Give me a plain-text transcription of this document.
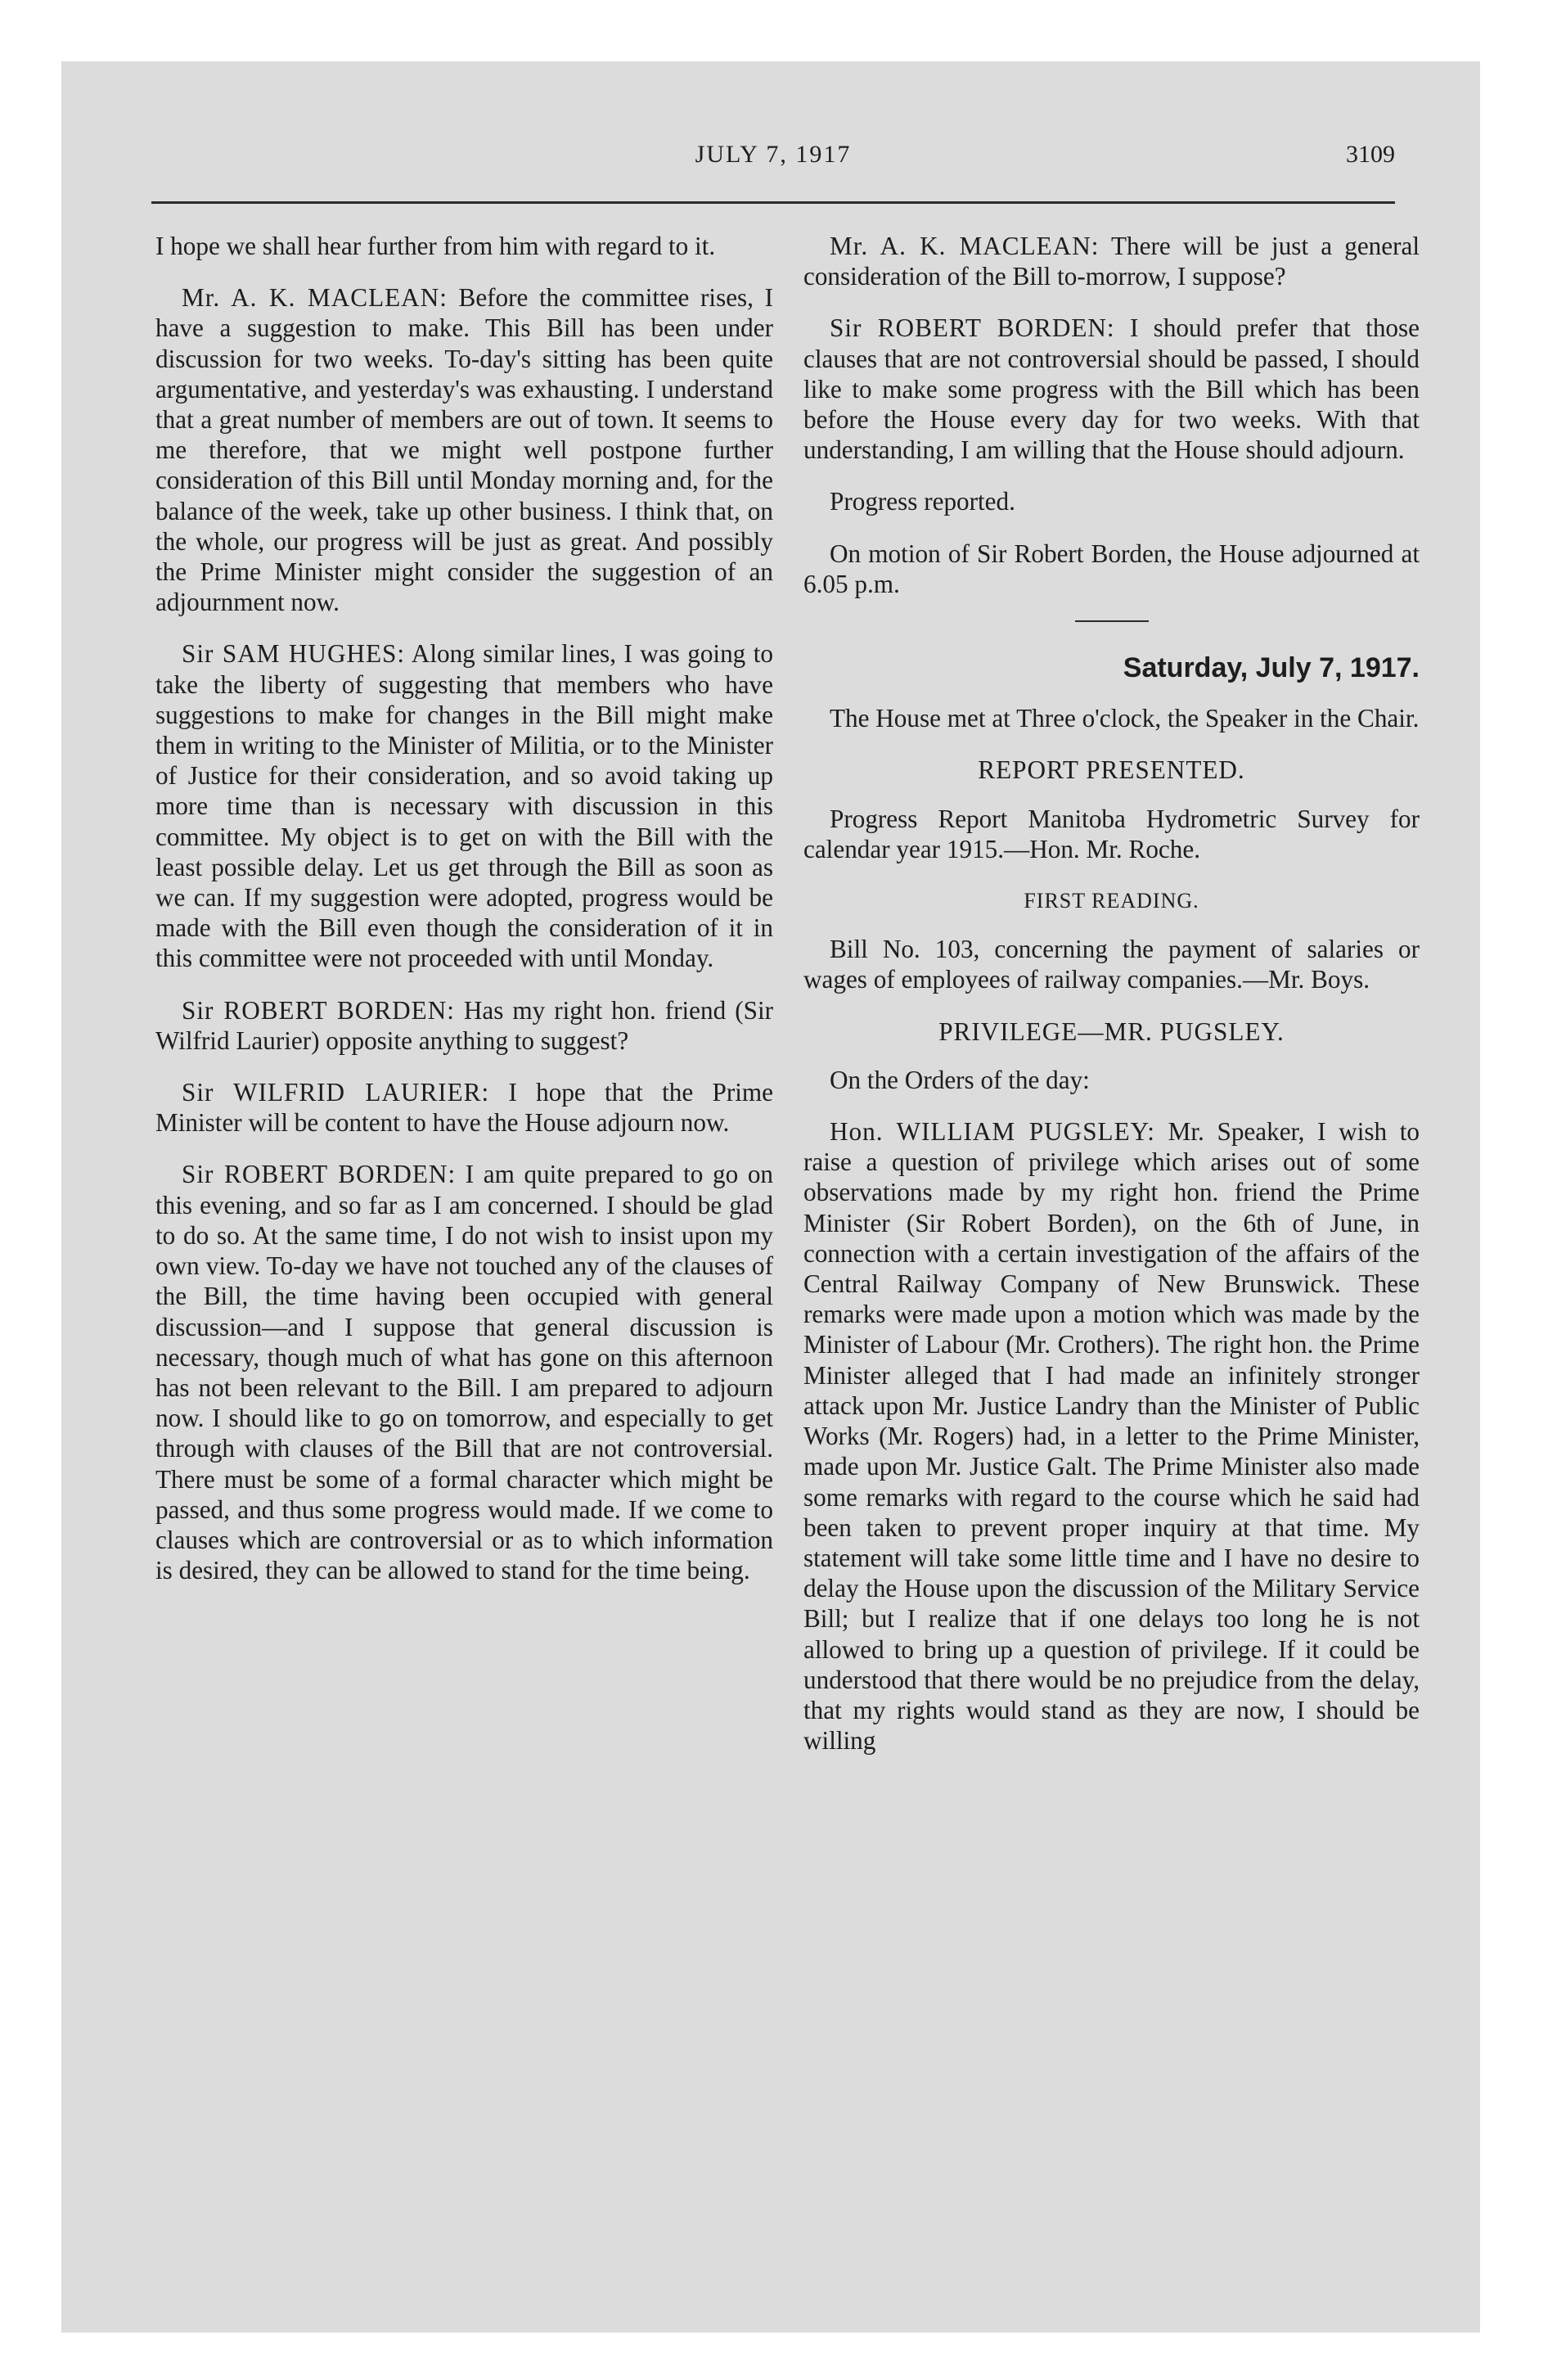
JULY 7, 1917	3109

I hope we shall hear further from him with regard to it.

Mr. A. K. MACLEAN: Before the committee rises, I have a suggestion to make. This Bill has been under discussion for two weeks. To-day's sitting has been quite argumentative, and yesterday's was exhausting. I understand that a great number of members are out of town. It seems to me therefore, that we might well postpone further consideration of this Bill until Monday morning and, for the balance of the week, take up other business. I think that, on the whole, our progress will be just as great. And possibly the Prime Minister might consider the suggestion of an adjournment now.

Sir SAM HUGHES: Along similar lines, I was going to take the liberty of suggesting that members who have suggestions to make for changes in the Bill might make them in writing to the Minister of Militia, or to the Minister of Justice for their consideration, and so avoid taking up more time than is necessary with discussion in this committee. My object is to get on with the Bill with the least possible delay. Let us get through the Bill as soon as we can. If my suggestion were adopted, progress would be made with the Bill even though the consideration of it in this committee were not proceeded with until Monday.

Sir ROBERT BORDEN: Has my right hon. friend (Sir Wilfrid Laurier) opposite anything to suggest?

Sir WILFRID LAURIER: I hope that the Prime Minister will be content to have the House adjourn now.

Sir ROBERT BORDEN: I am quite prepared to go on this evening, and so far as I am concerned. I should be glad to do so. At the same time, I do not wish to insist upon my own view. To-day we have not touched any of the clauses of the Bill, the time having been occupied with general discussion—and I suppose that general discussion is necessary, though much of what has gone on this afternoon has not been relevant to the Bill. I am prepared to adjourn now. I should like to go on tomorrow, and especially to get through with clauses of the Bill that are not controversial. There must be some of a formal character which might be passed, and thus some progress would made. If we come to clauses which are controversial or as to which information is desired, they can be allowed to stand for the time being.

Mr. A. K. MACLEAN: There will be just a general consideration of the Bill to-morrow, I suppose?

Sir ROBERT BORDEN: I should prefer that those clauses that are not controversial should be passed, I should like to make some progress with the Bill which has been before the House every day for two weeks. With that understanding, I am willing that the House should adjourn.

Progress reported.

On motion of Sir Robert Borden, the House adjourned at 6.05 p.m.

Saturday, July 7, 1917.

The House met at Three o'clock, the Speaker in the Chair.

REPORT PRESENTED.

Progress Report Manitoba Hydrometric Survey for calendar year 1915.—Hon. Mr. Roche.

FIRST READING.

Bill No. 103, concerning the payment of salaries or wages of employees of railway companies.—Mr. Boys.

PRIVILEGE—MR. PUGSLEY.

On the Orders of the day:

Hon. WILLIAM PUGSLEY: Mr. Speaker, I wish to raise a question of privilege which arises out of some observations made by my right hon. friend the Prime Minister (Sir Robert Borden), on the 6th of June, in connection with a certain investigation of the affairs of the Central Railway Company of New Brunswick. These remarks were made upon a motion which was made by the Minister of Labour (Mr. Crothers). The right hon. the Prime Minister alleged that I had made an infinitely stronger attack upon Mr. Justice Landry than the Minister of Public Works (Mr. Rogers) had, in a letter to the Prime Minister, made upon Mr. Justice Galt. The Prime Minister also made some remarks with regard to the course which he said had been taken to prevent proper inquiry at that time. My statement will take some little time and I have no desire to delay the House upon the discussion of the Military Service Bill; but I realize that if one delays too long he is not allowed to bring up a question of privilege. If it could be understood that there would be no prejudice from the delay, that my rights would stand as they are now, I should be willing
